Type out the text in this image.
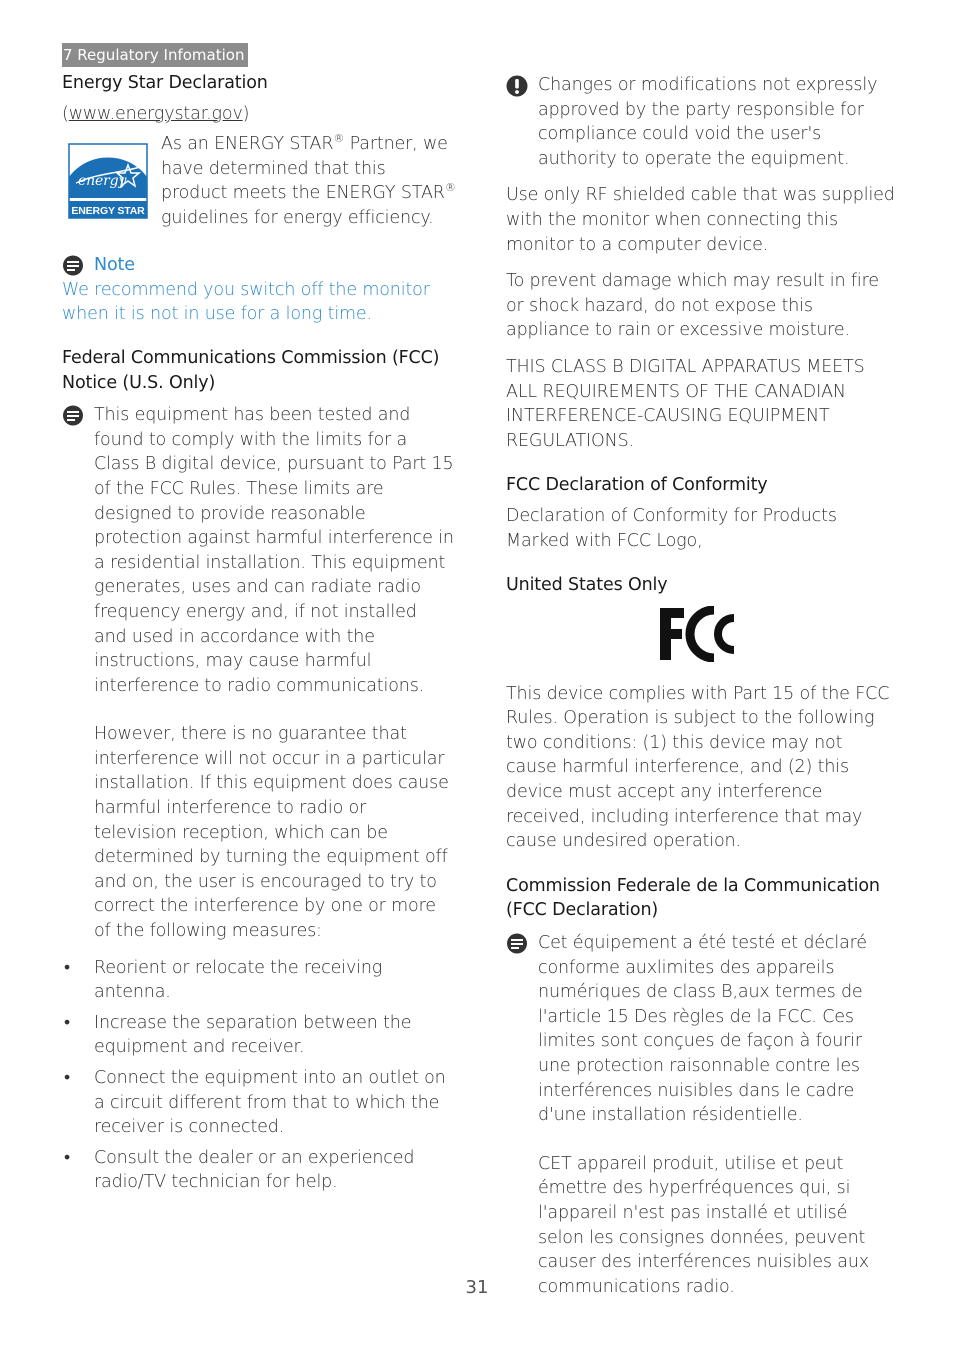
7 Regulatory Infomation

Energy Star Declaration

(www.energystar.gov)

energy
ENERGY STAR

As an ENERGY STAR® Partner, we have determined that this product meets the ENERGY STAR® guidelines for energy efficiency.

Note

We recommend you switch off the monitor when it is not in use for a long time.

Federal Communications Commission (FCC) Notice (U.S. Only)

This equipment has been tested and found to comply with the limits for a Class B digital device, pursuant to Part 15 of the FCC Rules. These limits are designed to provide reasonable protection against harmful interference in a residential installation. This equipment generates, uses and can radiate radio frequency energy and, if not installed and used in accordance with the instructions, may cause harmful interference to radio communications.

However, there is no guarantee that interference will not occur in a particular installation. If this equipment does cause harmful interference to radio or television reception, which can be determined by turning the equipment off and on, the user is encouraged to try to correct the interference by one or more of the following measures:

• Reorient or relocate the receiving antenna.
• Increase the separation between the equipment and receiver.
• Connect the equipment into an outlet on a circuit different from that to which the receiver is connected.
• Consult the dealer or an experienced radio/TV technician for help.

Changes or modifications not expressly approved by the party responsible for compliance could void the user's authority to operate the equipment.

Use only RF shielded cable that was supplied with the monitor when connecting this monitor to a computer device.

To prevent damage which may result in fire or shock hazard, do not expose this appliance to rain or excessive moisture.

THIS CLASS B DIGITAL APPARATUS MEETS ALL REQUIREMENTS OF THE CANADIAN INTERFERENCE-CAUSING EQUIPMENT REGULATIONS.

FCC Declaration of Conformity

Declaration of Conformity for Products Marked with FCC Logo,

United States Only

This device complies with Part 15 of the FCC Rules. Operation is subject to the following two conditions: (1) this device may not cause harmful interference, and (2) this device must accept any interference received, including interference that may cause undesired operation.

Commission Federale de la Communication (FCC Declaration)

Cet équipement a été testé et déclaré conforme auxlimites des appareils numériques de class B,aux termes de l'article 15 Des règles de la FCC. Ces limites sont conçues de façon à fourir une protection raisonnable contre les interférences nuisibles dans le cadre d'une installation résidentielle.

CET appareil produit, utilise et peut émettre des hyperfréquences qui, si l'appareil n'est pas installé et utilisé selon les consignes données, peuvent causer des interférences nuisibles aux communications radio.

31
